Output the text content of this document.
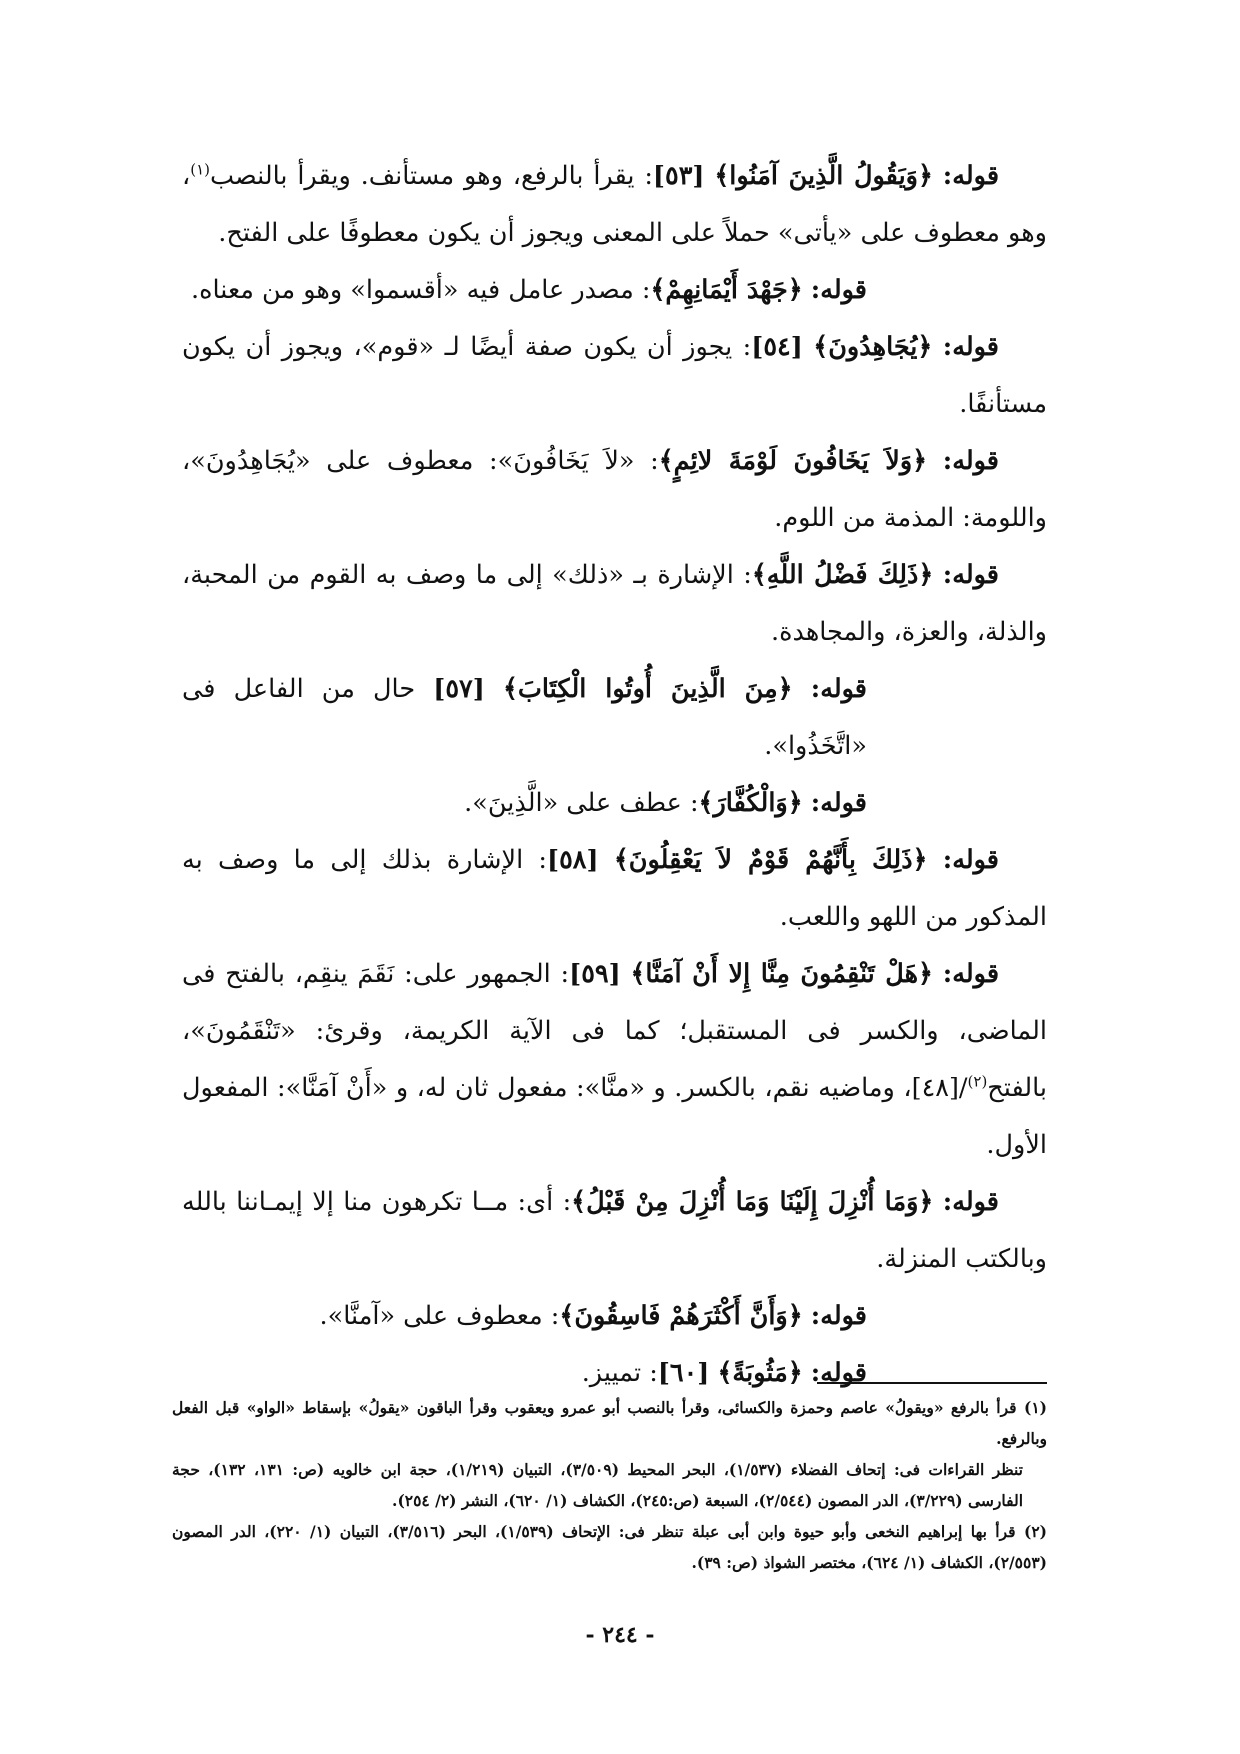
قوله: ﴿وَيَقُولُ الَّذِينَ آمَنُوا﴾ [٥٣]: يقرأ بالرفع، وهو مستأنف. ويقرأ بالنصب$^{(١)}$، وهو معطوف على «يأتى» حملاً على المعنى ويجوز أن يكون معطوفًا على الفتح.

قوله: ﴿جَهْدَ أَيْمَانِهِمْ﴾: مصدر عامل فيه «أقسموا» وهو من معناه.

قوله: ﴿يُجَاهِدُونَ﴾ [٥٤]: يجوز أن يكون صفة أيضًا لـ «قوم»، ويجوز أن يكون مستأنفًا.

قوله: ﴿وَلاَ يَخَافُونَ لَوْمَةَ لائِمٍ﴾: «لاَ يَخَافُونَ»: معطوف على «يُجَاهِدُونَ»، واللومة: المذمة من اللوم.

قوله: ﴿ذَلِكَ فَضْلُ اللَّهِ﴾: الإشارة بـ «ذلك» إلى ما وصف به القوم من المحبة، والذلة، والعزة، والمجاهدة.

قوله: ﴿مِنَ الَّذِينَ أُوتُوا الْكِتَابَ﴾ [٥٧] حال من الفاعل فى «اتَّخَذُوا».

قوله: ﴿وَالْكُفَّارَ﴾: عطف على «الَّذِينَ».

قوله: ﴿ذَلِكَ بِأَنَّهُمْ قَوْمٌ لاَ يَعْقِلُونَ﴾ [٥٨]: الإشارة بذلك إلى ما وصف به المذكور من اللهو واللعب.

قوله: ﴿هَلْ تَنْقِمُونَ مِنَّا إِلا أَنْ آمَنَّا﴾ [٥٩]: الجمهور على: نَقَمَ ينقِم، بالفتح فى الماضى، والكسر فى المستقبل؛ كما فى الآية الكريمة، وقرئ: «تَنْقَمُونَ»، بالفتح$^{(٢)}$/[٤٨]، وماضيه نقم، بالكسر. و «منَّا»: مفعول ثان له، و «أَنْ آمَنَّا»: المفعول الأول.

قوله: ﴿وَمَا أُنْزِلَ إِلَيْنَا وَمَا أُنْزِلَ مِنْ قَبْلُ﴾: أى: مــا تكرهون منا إلا إيمـاننا بالله وبالكتب المنزلة.

قوله: ﴿وَأَنَّ أَكْثَرَهُمْ فَاسِقُونَ﴾: معطوف على «آمنَّا».

قوله: ﴿مَثُوبَةً﴾ [٦٠]: تمييز.

(١) قرأ بالرفع «ويقولُ» عاصم وحمزة والكسائى، وقرأ بالنصب أبو عمرو ويعقوب وقرأ الباقون «يقولُ» بإسقاط «الواو» قبل الفعل وبالرفع.

تنظر القراءات فى: إتحاف الفضلاء (١/٥٣٧)، البحر المحيط (٣/٥٠٩)، التبيان (١/٢١٩)، حجة ابن خالويه (ص: ١٣١، ١٣٢)، حجة الفارسى (٣/٢٢٩)، الدر المصون (٢/٥٤٤)، السبعة (ص:٢٤٥)، الكشاف (١/ ٦٢٠)، النشر (٢/ ٢٥٤).

(٢) قرأ بها إبراهيم النخعى وأبو حيوة وابن أبى عبلة تنظر فى: الإتحاف (١/٥٣٩)، البحر (٣/٥١٦)، التبيان (١/ ٢٢٠)، الدر المصون (٢/٥٥٣)، الكشاف (١/ ٦٢٤)، مختصر الشواذ (ص: ٣٩).

- ٢٤٤ -
